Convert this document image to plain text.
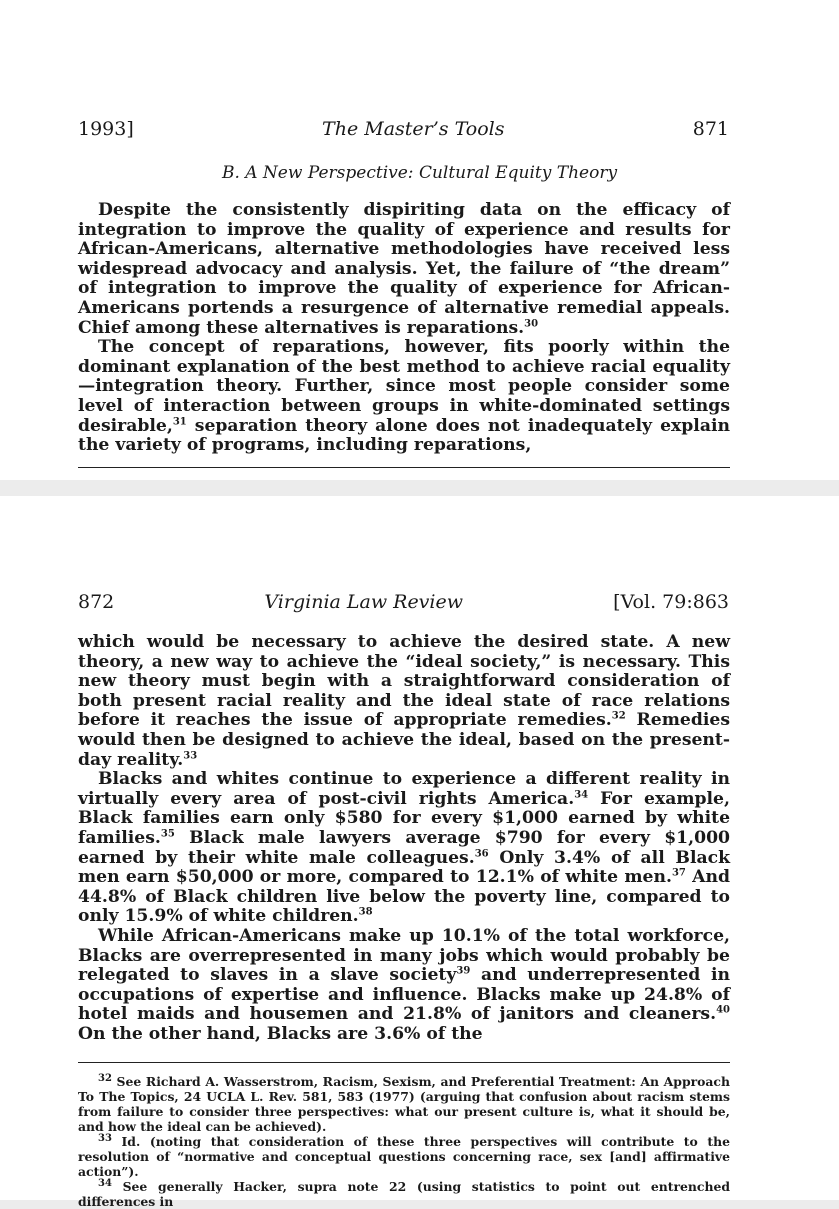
1993]	The Master’s Tools	871
B. A New Perspective: Cultural Equity Theory

Despite the consistently dispiriting data on the efficacy of integration to improve the quality of experience and results for African-Americans, alternative methodologies have received less widespread advocacy and analysis. Yet, the failure of “the dream” of integration to improve the quality of experience for African-Americans portends a resurgence of alternative remedial appeals. Chief among these alternatives is reparations.$^{30}$

The concept of reparations, however, fits poorly within the dominant explanation of the best method to achieve racial equality—integration theory. Further, since most people consider some level of interaction between groups in white-dominated settings desirable,$^{31}$ separation theory alone does not inadequately explain the variety of programs, including reparations,

872	Virginia Law Review	[Vol. 79:863

which would be necessary to achieve the desired state. A new theory, a new way to achieve the “ideal society,” is necessary. This new theory must begin with a straightforward consideration of both present racial reality and the ideal state of race relations before it reaches the issue of appropriate remedies.$^{32}$ Remedies would then be designed to achieve the ideal, based on the present-day reality.$^{33}$

Blacks and whites continue to experience a different reality in virtually every area of post-civil rights America.$^{34}$ For example, Black families earn only $580 for every $1,000 earned by white families.$^{35}$ Black male lawyers average $790 for every $1,000 earned by their white male colleagues.$^{36}$ Only 3.4% of all Black men earn $50,000 or more, compared to 12.1% of white men.$^{37}$ And 44.8% of Black children live below the poverty line, compared to only 15.9% of white children.$^{38}$

While African-Americans make up 10.1% of the total workforce, Blacks are overrepresented in many jobs which would probably be relegated to slaves in a slave society$^{39}$ and underrepresented in occupations of expertise and influence. Blacks make up 24.8% of hotel maids and housemen and 21.8% of janitors and cleaners.$^{40}$ On the other hand, Blacks are 3.6% of the

$^{32}$ See Richard A. Wasserstrom, Racism, Sexism, and Preferential Treatment: An Approach To The Topics, 24 UCLA L. Rev. 581, 583 (1977) (arguing that confusion about racism stems from failure to consider three perspectives: what our present culture is, what it should be, and how the ideal can be achieved).

$^{33}$ Id. (noting that consideration of these three perspectives will contribute to the resolution of “normative and conceptual questions concerning race, sex [and] affirmative action”).

$^{34}$ See generally Hacker, supra note 22 (using statistics to point out entrenched differences in
